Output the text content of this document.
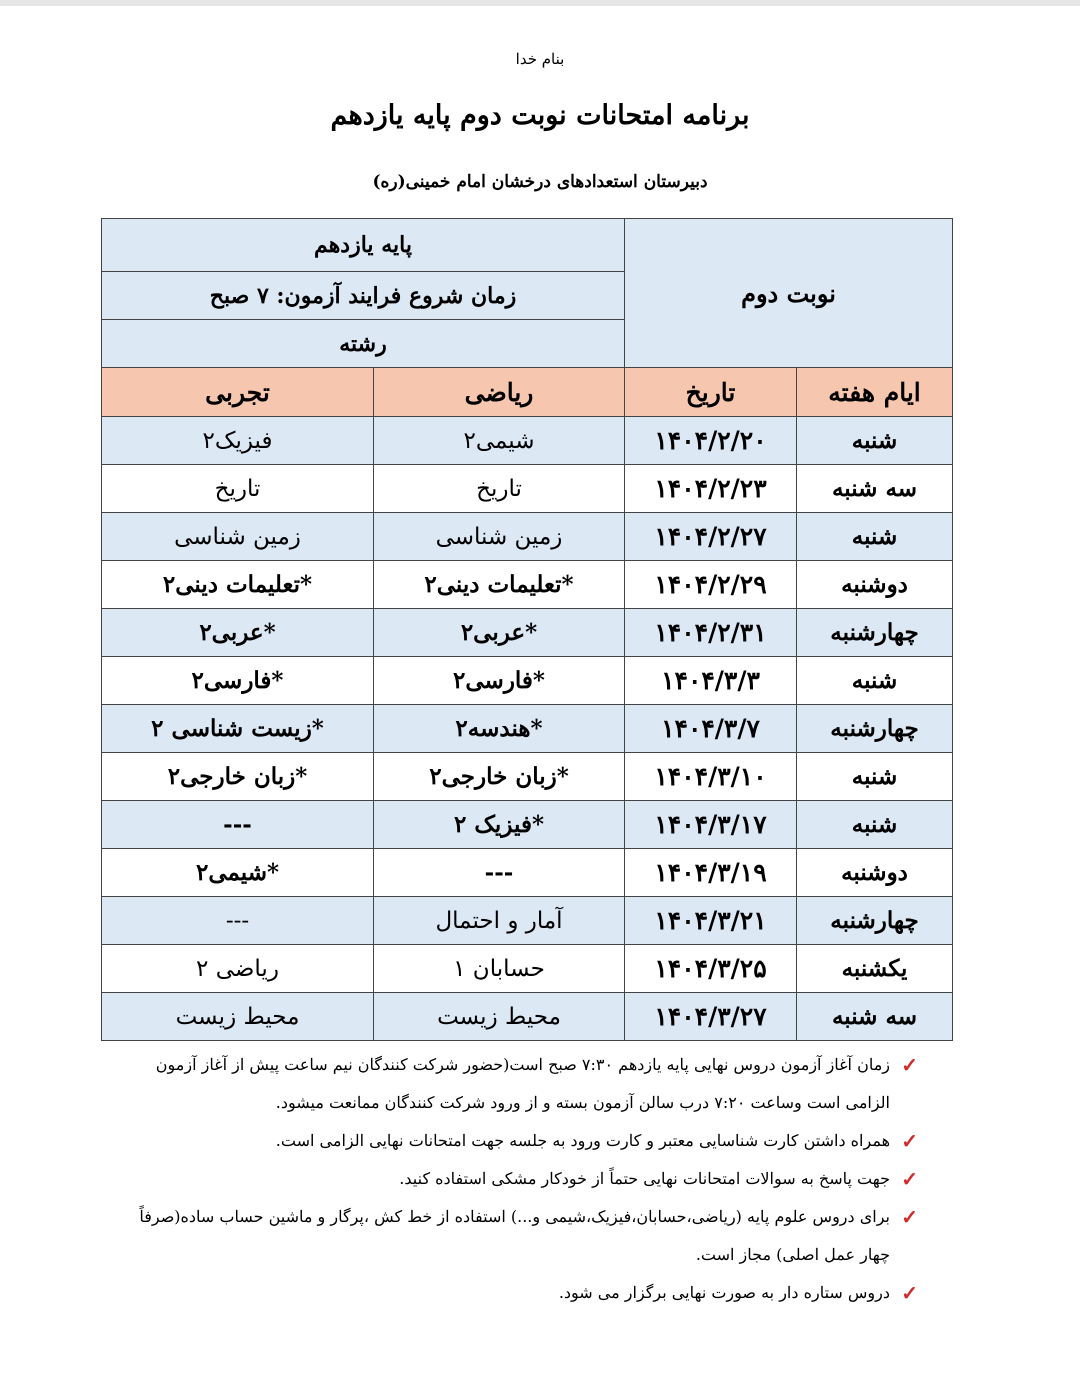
بنام خدا
برنامه امتحانات نوبت دوم پایه یازدهم
دبیرستان استعدادهای درخشان امام خمینی(ره)
نوبت دوم		پایه یازدهم	
		زمان شروع فرایند آزمون: ۷ صبح	
		رشته	
ایام هفته	تاریخ	ریاضی	تجربی
شنبه	۱۴۰۴/۲/۲۰	شیمی۲	فیزیک۲
سه شنبه	۱۴۰۴/۲/۲۳	تاریخ	تاریخ
شنبه	۱۴۰۴/۲/۲۷	زمین شناسی	زمین شناسی
دوشنبه	۱۴۰۴/۲/۲۹	*تعلیمات دینی۲	*تعلیمات دینی۲
چهارشنبه	۱۴۰۴/۲/۳۱	*عربی۲	*عربی۲
شنبه	۱۴۰۴/۳/۳	*فارسی۲	*فارسی۲
چهارشنبه	۱۴۰۴/۳/۷	*هندسه۲	*زیست شناسی ۲
شنبه	۱۴۰۴/۳/۱۰	*زبان خارجی۲	*زبان خارجی۲
شنبه	۱۴۰۴/۳/۱۷	*فیزیک ۲	---
دوشنبه	۱۴۰۴/۳/۱۹	---	*شیمی۲
چهارشنبه	۱۴۰۴/۳/۲۱	آمار و احتمال	---
یکشنبه	۱۴۰۴/۳/۲۵	حسابان ۱	ریاضی ۲
سه شنبه	۱۴۰۴/۳/۲۷	محیط زیست	محیط زیست
✓
زمان آغاز آزمون دروس نهایی پایه یازدهم ۷:۳۰ صبح است(حضور شرکت کنندگان نیم ساعت پیش از آغاز آزمون الزامی است وساعت ۷:۲۰ درب سالن آزمون بسته و از ورود شرکت کنندگان ممانعت میشود.
✓
همراه داشتن کارت شناسایی معتبر و کارت ورود به جلسه جهت امتحانات نهایی الزامی است.
✓
جهت پاسخ به سوالات امتحانات نهایی حتماً از خودکار مشکی استفاده کنید.
✓
برای دروس علوم پایه (ریاضی،حسابان،فیزیک،شیمی و...) استفاده از خط کش ،پرگار و ماشین حساب ساده(صرفاً چهار عمل اصلی) مجاز است.
✓
دروس ستاره دار به صورت نهایی برگزار می شود.
